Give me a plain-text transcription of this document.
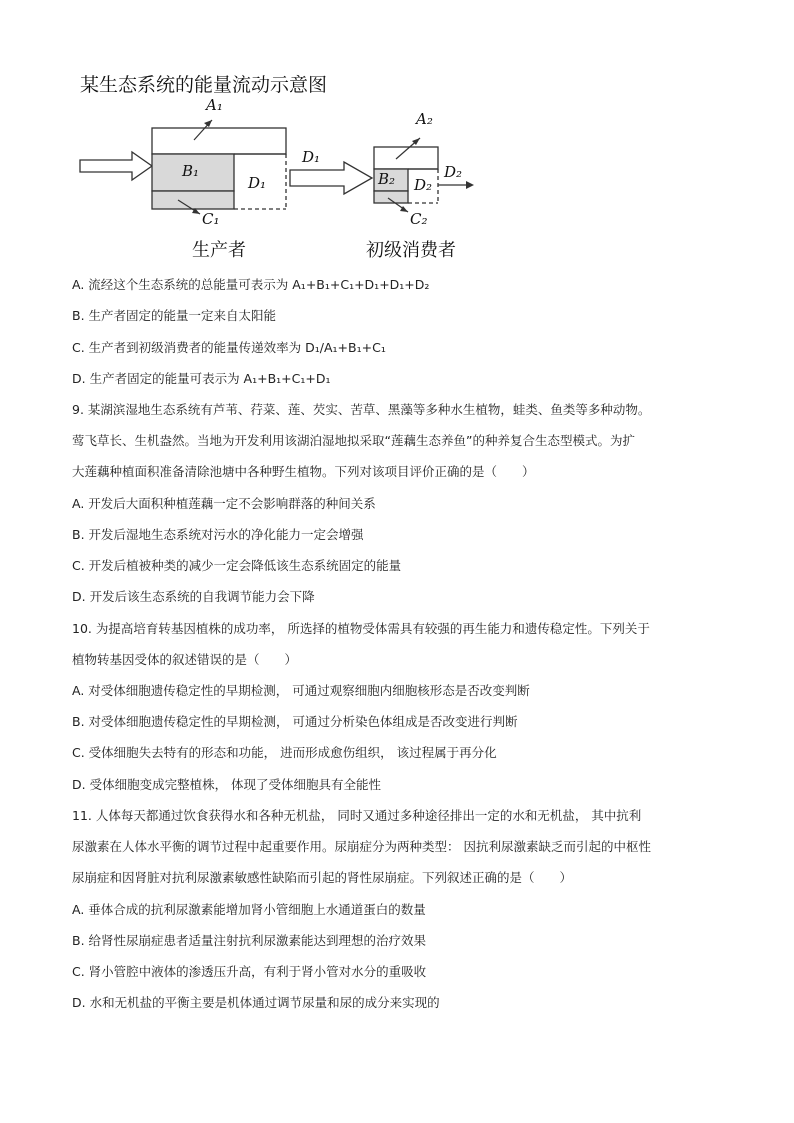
某生态系统的能量流动示意图
A₁
B₁
C₁
D₁
D₁
A₂
B₂
C₂
D₂
D₂
生产者	初级消费者
A. 流经这个生态系统的总能量可表示为 A₁+B₁+C₁+D₁+D₁+D₂
B. 生产者固定的能量一定来自太阳能
C. 生产者到初级消费者的能量传递效率为 D₁/A₁+B₁+C₁
D. 生产者固定的能量可表示为 A₁+B₁+C₁+D₁
9. 某湖滨湿地生态系统有芦苇、荇菜、莲、芡实、苦草、黑藻等多种水生植物，蛙类、鱼类等多种动物。
莺飞草长、生机盎然。当地为开发利用该湖泊湿地拟采取“莲藕生态养鱼”的种养复合生态型模式。为扩
大莲藕种植面积准备清除池塘中各种野生植物。下列对该项目评价正确的是（　　）
A. 开发后大面积种植莲藕一定不会影响群落的种间关系
B. 开发后湿地生态系统对污水的净化能力一定会增强
C. 开发后植被种类的减少一定会降低该生态系统固定的能量
D. 开发后该生态系统的自我调节能力会下降
10. 为提高培育转基因植株的成功率， 所选择的植物受体需具有较强的再生能力和遗传稳定性。下列关于
植物转基因受体的叙述错误的是（　　）
A. 对受体细胞遗传稳定性的早期检测， 可通过观察细胞内细胞核形态是否改变判断
B. 对受体细胞遗传稳定性的早期检测， 可通过分析染色体组成是否改变进行判断
C. 受体细胞失去特有的形态和功能， 进而形成愈伤组织， 该过程属于再分化
D. 受体细胞变成完整植株， 体现了受体细胞具有全能性
11. 人体每天都通过饮食获得水和各种无机盐， 同时又通过多种途径排出一定的水和无机盐， 其中抗利
尿激素在人体水平衡的调节过程中起重要作用。尿崩症分为两种类型： 因抗利尿激素缺乏而引起的中枢性
尿崩症和因肾脏对抗利尿激素敏感性缺陷而引起的肾性尿崩症。下列叙述正确的是（　　）
A. 垂体合成的抗利尿激素能增加肾小管细胞上水通道蛋白的数量
B. 给肾性尿崩症患者适量注射抗利尿激素能达到理想的治疗效果
C. 肾小管腔中液体的渗透压升高，有利于肾小管对水分的重吸收
D. 水和无机盐的平衡主要是机体通过调节尿量和尿的成分来实现的
